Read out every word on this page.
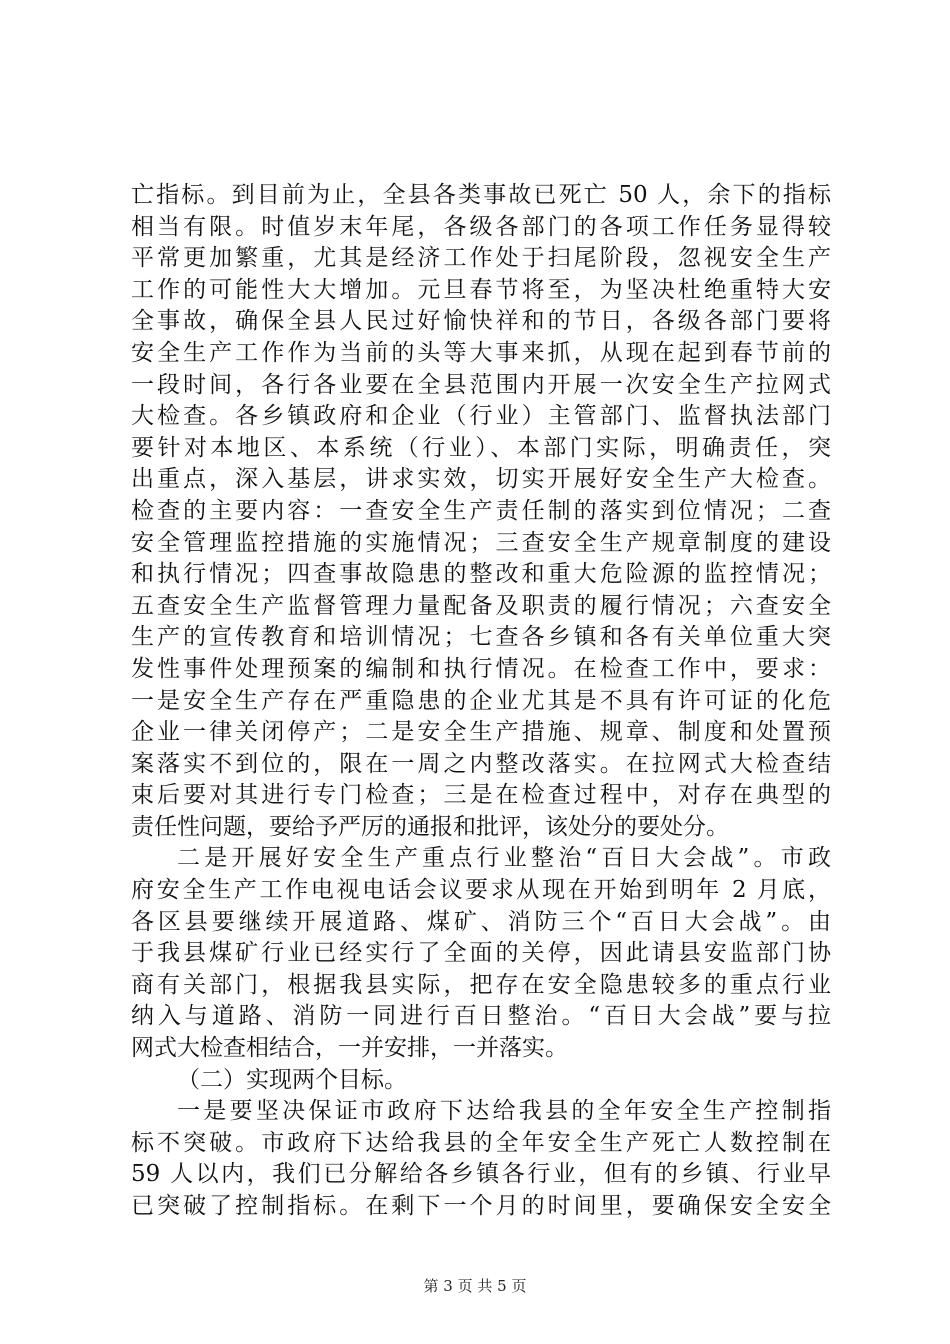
亡指标。到目前为止，全县各类事故已死亡 50 人，余下的指标
相当有限。时值岁末年尾，各级各部门的各项工作任务显得较
平常更加繁重，尤其是经济工作处于扫尾阶段，忽视安全生产
工作的可能性大大增加。元旦春节将至，为坚决杜绝重特大安
全事故，确保全县人民过好愉快祥和的节日，各级各部门要将
安全生产工作作为当前的头等大事来抓，从现在起到春节前的
一段时间，各行各业要在全县范围内开展一次安全生产拉网式
大检查。各乡镇政府和企业（行业）主管部门、监督执法部门
要针对本地区、本系统（行业）、本部门实际，明确责任，突
出重点，深入基层，讲求实效，切实开展好安全生产大检查。
检查的主要内容：一查安全生产责任制的落实到位情况；二查
安全管理监控措施的实施情况；三查安全生产规章制度的建设
和执行情况；四查事故隐患的整改和重大危险源的监控情况；
五查安全生产监督管理力量配备及职责的履行情况；六查安全
生产的宣传教育和培训情况；七查各乡镇和各有关单位重大突
发性事件处理预案的编制和执行情况。在检查工作中，要求：
一是安全生产存在严重隐患的企业尤其是不具有许可证的化危
企业一律关闭停产；二是安全生产措施、规章、制度和处置预
案落实不到位的，限在一周之内整改落实。在拉网式大检查结
束后要对其进行专门检查；三是在检查过程中，对存在典型的
责任性问题，要给予严厉的通报和批评，该处分的要处分。
二是开展好安全生产重点行业整治“百日大会战”。市政
府安全生产工作电视电话会议要求从现在开始到明年 2 月底，
各区县要继续开展道路、煤矿、消防三个“百日大会战”。由
于我县煤矿行业已经实行了全面的关停，因此请县安监部门协
商有关部门，根据我县实际，把存在安全隐患较多的重点行业
纳入与道路、消防一同进行百日整治。“百日大会战”要与拉
网式大检查相结合，一并安排，一并落实。
（二）实现两个目标。
一是要坚决保证市政府下达给我县的全年安全生产控制指
标不突破。市政府下达给我县的全年安全生产死亡人数控制在
59 人以内，我们已分解给各乡镇各行业，但有的乡镇、行业早
已突破了控制指标。在剩下一个月的时间里，要确保安全安全
第 3 页 共 5 页
